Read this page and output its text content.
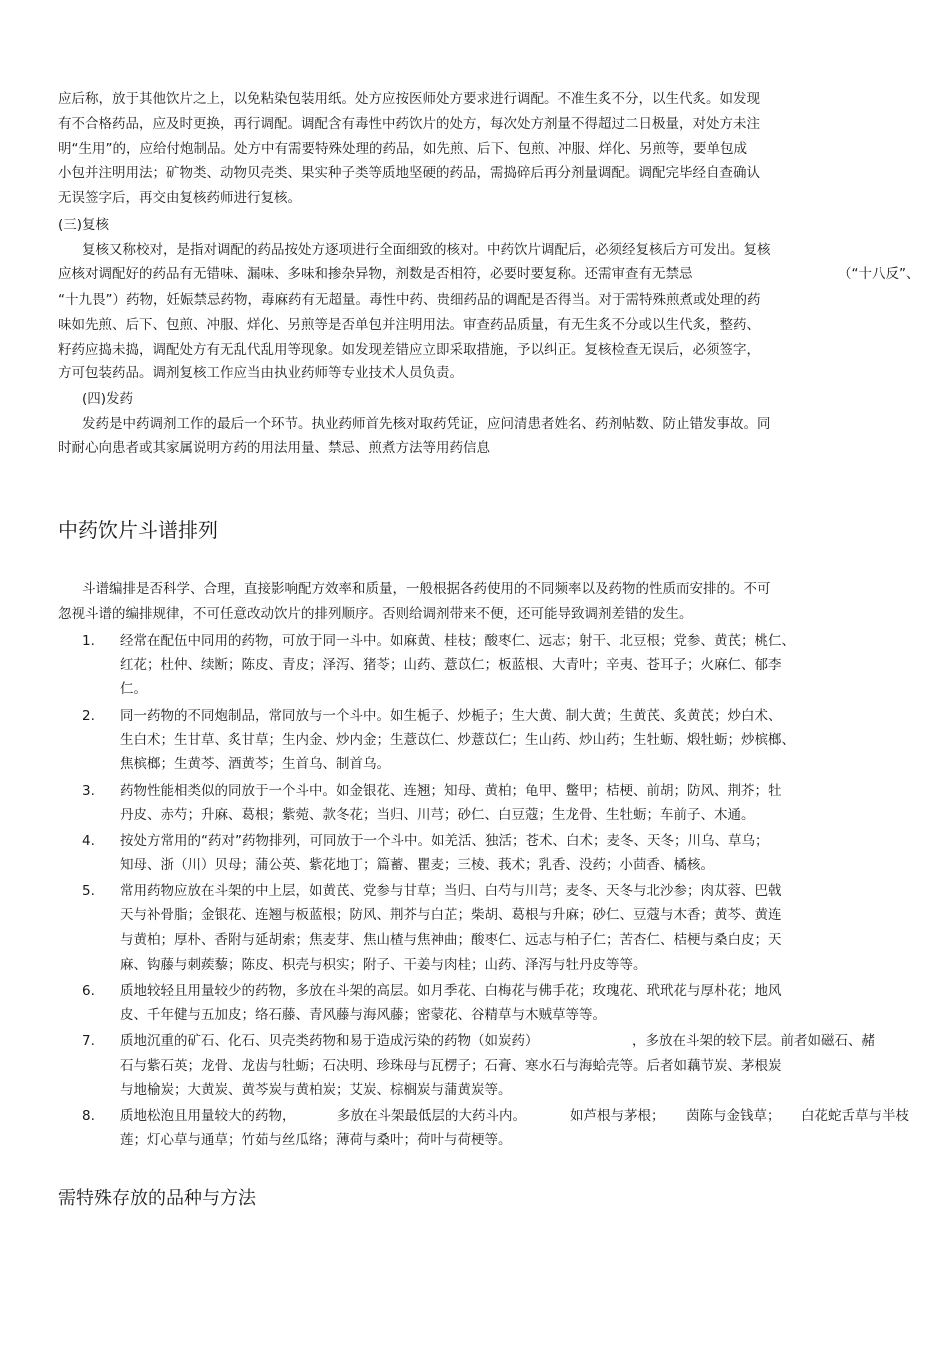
应后称，放于其他饮片之上，以免粘染包装用纸。处方应按医师处方要求进行调配。不准生炙不分，以生代炙。如发现
有不合格药品，应及时更换，再行调配。调配含有毒性中药饮片的处方，每次处方剂量不得超过二日极量，对处方未注
明“生用”的，应给付炮制品。处方中有需要特殊处理的药品，如先煎、后下、包煎、冲服、烊化、另煎等，要单包成
小包并注明用法；矿物类、动物贝壳类、果实种子类等质地坚硬的药品，需捣碎后再分剂量调配。调配完毕经自查确认
无误签字后，再交由复核药师进行复核。
(三)复核
复核又称校对，是指对调配的药品按处方逐项进行全面细致的核对。中药饮片调配后，必须经复核后方可发出。复核
应核对调配好的药品有无错味、漏味、多味和掺杂异物，剂数是否相符，必要时要复称。还需审查有无禁忌	（“十八反”、
“十九畏”）药物，妊娠禁忌药物，毒麻药有无超量。毒性中药、贵细药品的调配是否得当。对于需特殊煎煮或处理的药
味如先煎、后下、包煎、冲服、烊化、另煎等是否单包并注明用法。审查药品质量，有无生炙不分或以生代炙，整药、
籽药应捣未捣，调配处方有无乱代乱用等现象。如发现差错应立即采取措施，予以纠正。复核检查无误后，必须签字，
方可包装药品。调剂复核工作应当由执业药师等专业技术人员负责。
(四)发药
发药是中药调剂工作的最后一个环节。执业药师首先核对取药凭证，应问清患者姓名、药剂帖数、防止错发事故。同
时耐心向患者或其家属说明方药的用法用量、禁忌、煎煮方法等用药信息
中药饮片斗谱排列
斗谱编排是否科学、合理，直接影响配方效率和质量，一般根据各药使用的不同频率以及药物的性质而安排的。不可
忽视斗谱的编排规律，不可任意改动饮片的排列顺序。否则给调剂带来不便，还可能导致调剂差错的发生。
1. 经常在配伍中同用的药物，可放于同一斗中。如麻黄、桂枝；酸枣仁、远志；射干、北豆根；党参、黄芪；桃仁、
红花；杜仲、续断；陈皮、青皮；泽泻、猪苓；山药、薏苡仁；板蓝根、大青叶；辛夷、苍耳子；火麻仁、郁李
仁。
2. 同一药物的不同炮制品，常同放与一个斗中。如生栀子、炒栀子；生大黄、制大黄；生黄芪、炙黄芪；炒白术、
生白术；生甘草、炙甘草；生内金、炒内金；生薏苡仁、炒薏苡仁；生山药、炒山药；生牡蛎、煅牡蛎；炒槟榔、
焦槟榔；生黄芩、酒黄芩；生首乌、制首乌。
3. 药物性能相类似的同放于一个斗中。如金银花、连翘；知母、黄柏；龟甲、鳖甲；桔梗、前胡；防风、荆芥；牡
丹皮、赤芍；升麻、葛根；紫菀、款冬花；当归、川芎；砂仁、白豆蔻；生龙骨、生牡蛎；车前子、木通。
4. 按处方常用的“药对”药物排列，可同放于一个斗中。如羌活、独活；苍术、白术；麦冬、天冬；川乌、草乌；
知母、浙（川）贝母；蒲公英、紫花地丁；篇蓄、瞿麦；三棱、莪术；乳香、没药；小茴香、橘核。
5. 常用药物应放在斗架的中上层，如黄芪、党参与甘草；当归、白芍与川芎；麦冬、天冬与北沙参；肉苁蓉、巴戟
天与补骨脂；金银花、连翘与板蓝根；防风、荆芥与白芷；柴胡、葛根与升麻；砂仁、豆蔻与木香；黄芩、黄连
与黄柏；厚朴、香附与延胡索；焦麦芽、焦山楂与焦神曲；酸枣仁、远志与柏子仁；苦杏仁、桔梗与桑白皮；天
麻、钩藤与刺蒺藜；陈皮、枳壳与枳实；附子、干姜与肉桂；山药、泽泻与牡丹皮等等。
6. 质地较轻且用量较少的药物，多放在斗架的高层。如月季花、白梅花与佛手花；玫瑰花、玳玳花与厚朴花；地风
皮、千年健与五加皮；络石藤、青风藤与海风藤；密蒙花、谷精草与木贼草等等。
7. 质地沉重的矿石、化石、贝壳类药物和易于造成污染的药物（如炭药）	，多放在斗架的较下层。前者如磁石、赭
石与紫石英；龙骨、龙齿与牡蛎；石决明、珍珠母与瓦楞子；石膏、寒水石与海蛤壳等。后者如藕节炭、茅根炭
与地榆炭；大黄炭、黄芩炭与黄柏炭；艾炭、棕榈炭与蒲黄炭等。
8. 质地松泡且用量较大的药物，	多放在斗架最低层的大药斗内。	如芦根与茅根； 茵陈与金钱草； 白花蛇舌草与半枝
莲；灯心草与通草；竹茹与丝瓜络；薄荷与桑叶；荷叶与荷梗等。
需特殊存放的品种与方法
